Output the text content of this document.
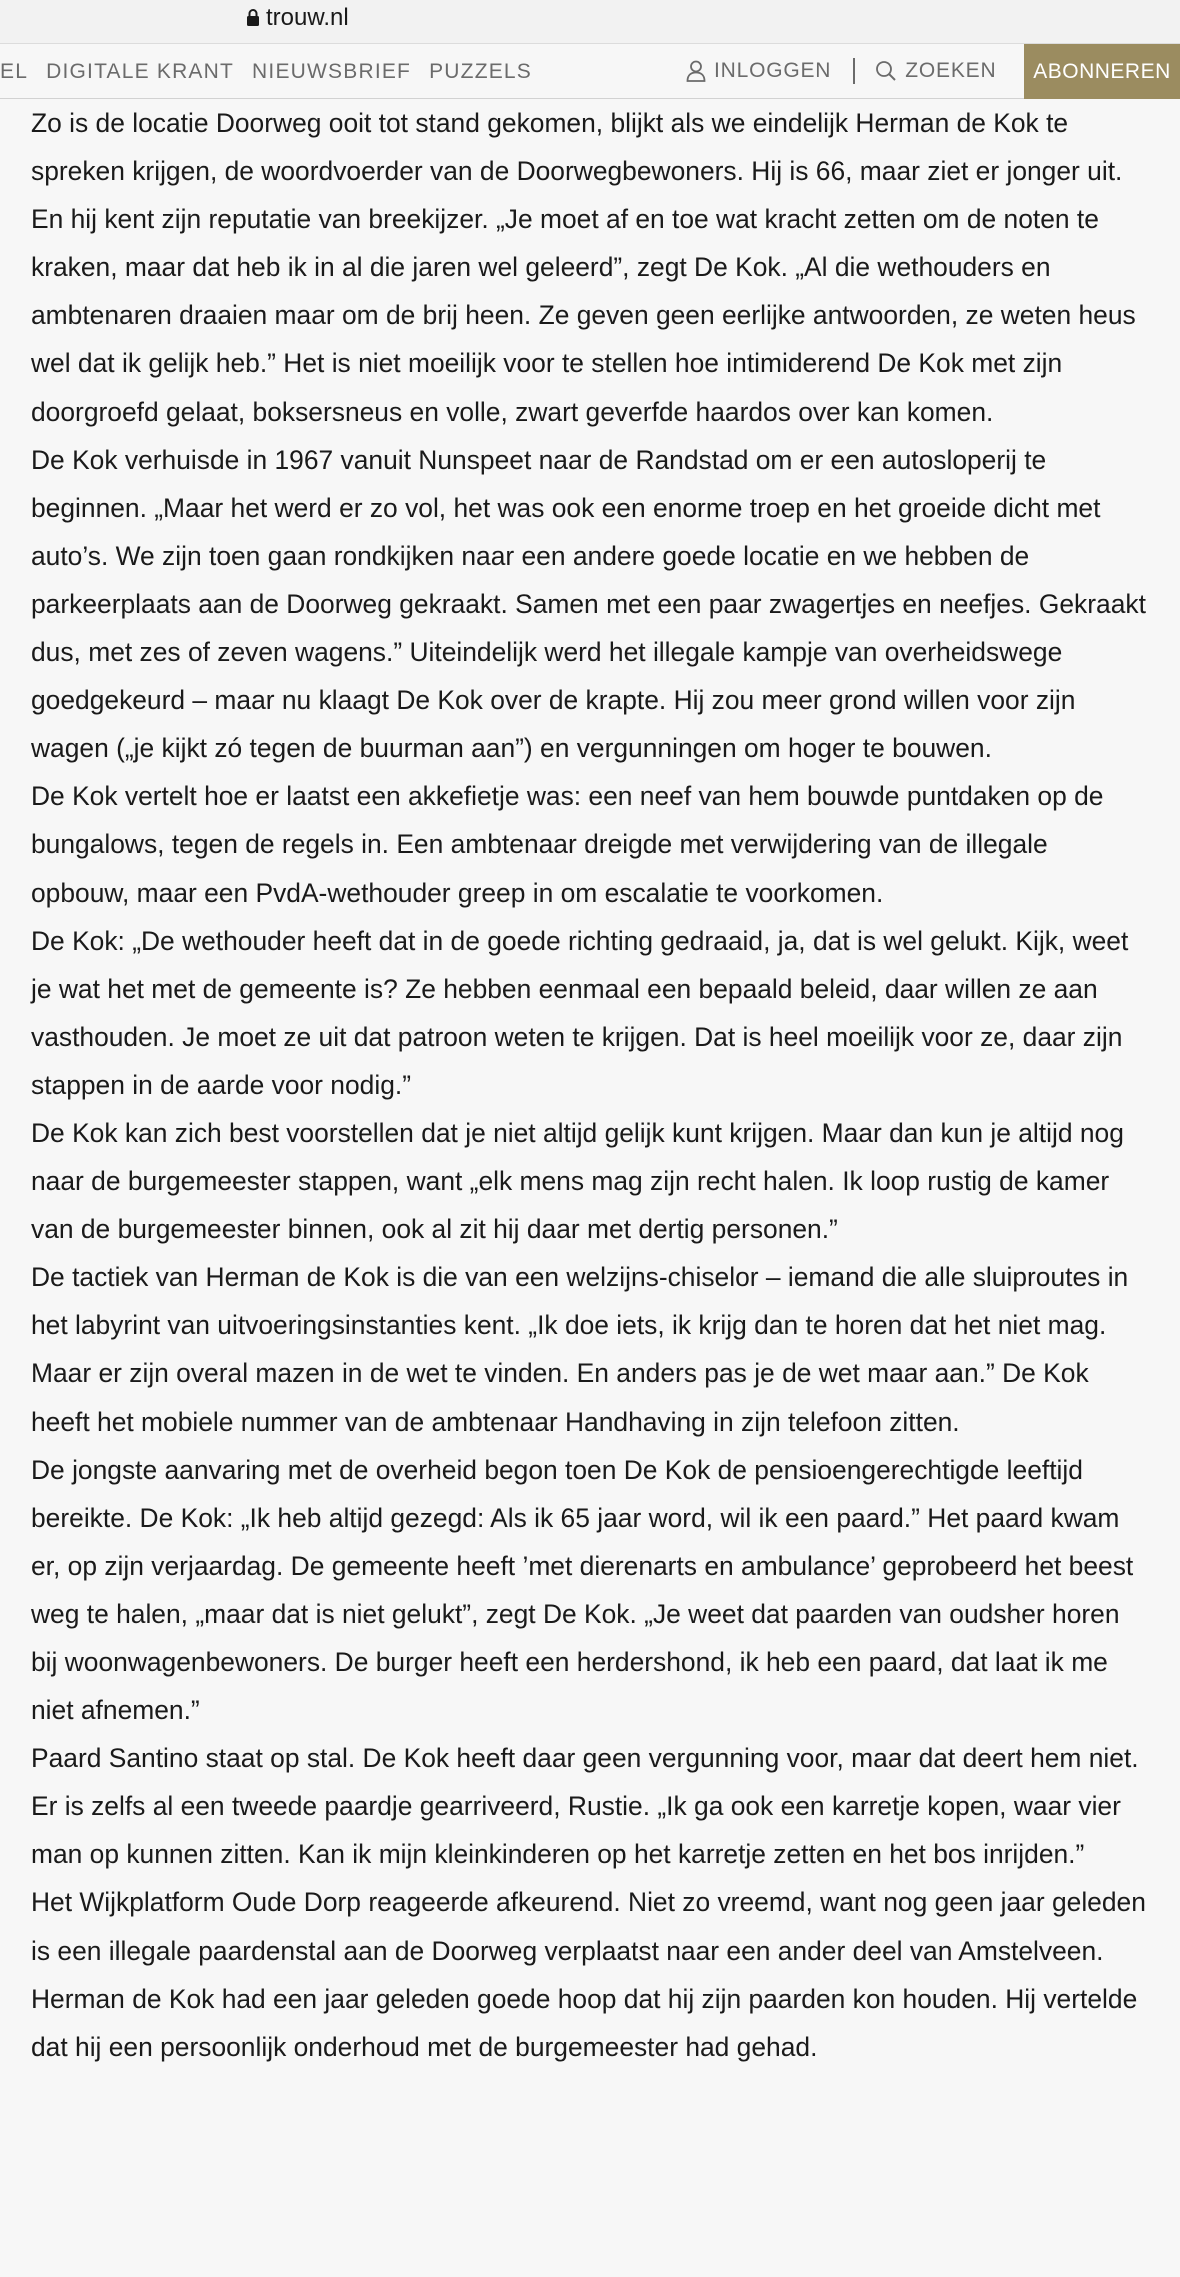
trouw.nl
EL DIGITALE KRANT NIEUWSBRIEF PUZZELS	INLOGGEN	ZOEKEN	ABONNEREN

Zo is de locatie Doorweg ooit tot stand gekomen, blijkt als we eindelijk Herman de Kok te spreken krijgen, de woordvoerder van de Doorwegbewoners. Hij is 66, maar ziet er jonger uit. En hij kent zijn reputatie van breekijzer. „Je moet af en toe wat kracht zetten om de noten te kraken, maar dat heb ik in al die jaren wel geleerd”, zegt De Kok. „Al die wethouders en ambtenaren draaien maar om de brij heen. Ze geven geen eerlijke antwoorden, ze weten heus wel dat ik gelijk heb.” Het is niet moeilijk voor te stellen hoe intimiderend De Kok met zijn doorgroefd gelaat, boksersneus en volle, zwart geverfde haardos over kan komen.

De Kok verhuisde in 1967 vanuit Nunspeet naar de Randstad om er een autosloperij te beginnen. „Maar het werd er zo vol, het was ook een enorme troep en het groeide dicht met auto’s. We zijn toen gaan rondkijken naar een andere goede locatie en we hebben de parkeerplaats aan de Doorweg gekraakt. Samen met een paar zwagertjes en neefjes. Gekraakt dus, met zes of zeven wagens.” Uiteindelijk werd het illegale kampje van overheidswege goedgekeurd – maar nu klaagt De Kok over de krapte. Hij zou meer grond willen voor zijn wagen („je kijkt zó tegen de buurman aan”) en vergunningen om hoger te bouwen.

De Kok vertelt hoe er laatst een akkefietje was: een neef van hem bouwde puntdaken op de bungalows, tegen de regels in. Een ambtenaar dreigde met verwijdering van de illegale opbouw, maar een PvdA-wethouder greep in om escalatie te voorkomen.

De Kok: „De wethouder heeft dat in de goede richting gedraaid, ja, dat is wel gelukt. Kijk, weet je wat het met de gemeente is? Ze hebben eenmaal een bepaald beleid, daar willen ze aan vasthouden. Je moet ze uit dat patroon weten te krijgen. Dat is heel moeilijk voor ze, daar zijn stappen in de aarde voor nodig.”

De Kok kan zich best voorstellen dat je niet altijd gelijk kunt krijgen. Maar dan kun je altijd nog naar de burgemeester stappen, want „elk mens mag zijn recht halen. Ik loop rustig de kamer van de burgemeester binnen, ook al zit hij daar met dertig personen.”

De tactiek van Herman de Kok is die van een welzijns-chiselor – iemand die alle sluiproutes in het labyrint van uitvoeringsinstanties kent. „Ik doe iets, ik krijg dan te horen dat het niet mag. Maar er zijn overal mazen in de wet te vinden. En anders pas je de wet maar aan.” De Kok heeft het mobiele nummer van de ambtenaar Handhaving in zijn telefoon zitten.

De jongste aanvaring met de overheid begon toen De Kok de pensioengerechtigde leeftijd bereikte. De Kok: „Ik heb altijd gezegd: Als ik 65 jaar word, wil ik een paard.” Het paard kwam er, op zijn verjaardag. De gemeente heeft ’met dierenarts en ambulance’ geprobeerd het beest weg te halen, „maar dat is niet gelukt”, zegt De Kok. „Je weet dat paarden van oudsher horen bij woonwagenbewoners. De burger heeft een herdershond, ik heb een paard, dat laat ik me niet afnemen.”

Paard Santino staat op stal. De Kok heeft daar geen vergunning voor, maar dat deert hem niet. Er is zelfs al een tweede paardje gearriveerd, Rustie. „Ik ga ook een karretje kopen, waar vier man op kunnen zitten. Kan ik mijn kleinkinderen op het karretje zetten en het bos inrijden.”

Het Wijkplatform Oude Dorp reageerde afkeurend. Niet zo vreemd, want nog geen jaar geleden is een illegale paardenstal aan de Doorweg verplaatst naar een ander deel van Amstelveen. Herman de Kok had een jaar geleden goede hoop dat hij zijn paarden kon houden. Hij vertelde dat hij een persoonlijk onderhoud met de burgemeester had gehad.
